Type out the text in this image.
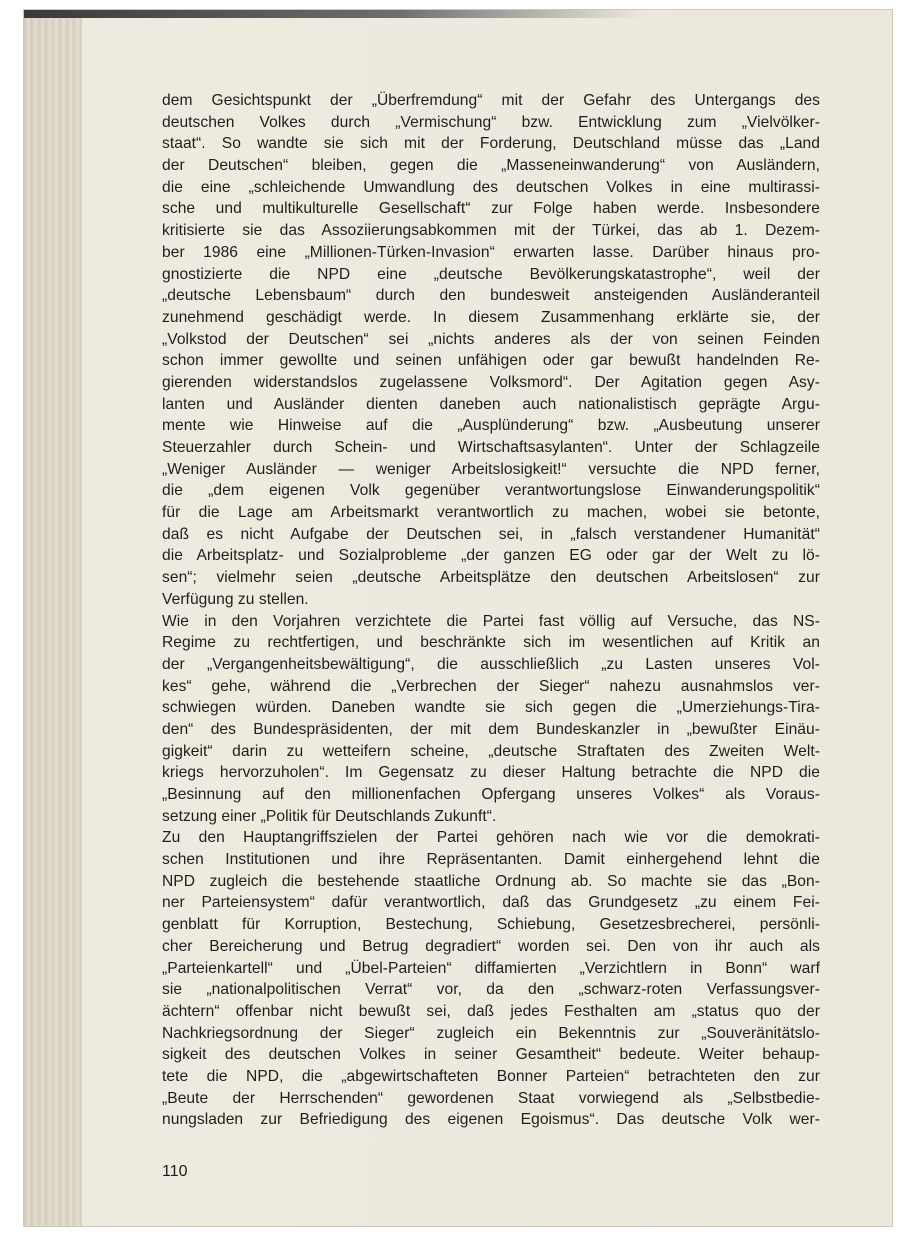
dem Gesichtspunkt der „Überfremdung“ mit der Gefahr des Untergangs des
deutschen Volkes durch „Vermischung“ bzw. Entwicklung zum „Vielvölker-
staat“. So wandte sie sich mit der Forderung, Deutschland müsse das „Land
der Deutschen“ bleiben, gegen die „Masseneinwanderung“ von Ausländern,
die eine „schleichende Umwandlung des deutschen Volkes in eine multirassi-
sche und multikulturelle Gesellschaft“ zur Folge haben werde. Insbesondere
kritisierte sie das Assoziierungsabkommen mit der Türkei, das ab 1. Dezem-
ber 1986 eine „Millionen-Türken-Invasion“ erwarten lasse. Darüber hinaus pro-
gnostizierte die NPD eine „deutsche Bevölkerungskatastrophe“, weil der
„deutsche Lebensbaum“ durch den bundesweit ansteigenden Ausländeranteil
zunehmend geschädigt werde. In diesem Zusammenhang erklärte sie, der
„Volkstod der Deutschen“ sei „nichts anderes als der von seinen Feinden
schon immer gewollte und seinen unfähigen oder gar bewußt handelnden Re-
gierenden widerstandslos zugelassene Volksmord“. Der Agitation gegen Asy-
lanten und Ausländer dienten daneben auch nationalistisch geprägte Argu-
mente wie Hinweise auf die „Ausplünderung“ bzw. „Ausbeutung unserer
Steuerzahler durch Schein- und Wirtschaftsasylanten“. Unter der Schlagzeile
„Weniger Ausländer — weniger Arbeitslosigkeit!“ versuchte die NPD ferner,
die „dem eigenen Volk gegenüber verantwortungslose Einwanderungspolitik“
für die Lage am Arbeitsmarkt verantwortlich zu machen, wobei sie betonte,
daß es nicht Aufgabe der Deutschen sei, in „falsch verstandener Humanität“
die Arbeitsplatz- und Sozialprobleme „der ganzen EG oder gar der Welt zu lö-
sen“; vielmehr seien „deutsche Arbeitsplätze den deutschen Arbeitslosen“ zur
Verfügung zu stellen.
Wie in den Vorjahren verzichtete die Partei fast völlig auf Versuche, das NS-
Regime zu rechtfertigen, und beschränkte sich im wesentlichen auf Kritik an
der „Vergangenheitsbewältigung“, die ausschließlich „zu Lasten unseres Vol-
kes“ gehe, während die „Verbrechen der Sieger“ nahezu ausnahmslos ver-
schwiegen würden. Daneben wandte sie sich gegen die „Umerziehungs-Tira-
den“ des Bundespräsidenten, der mit dem Bundeskanzler in „bewußter Einäu-
gigkeit“ darin zu wetteifern scheine, „deutsche Straftaten des Zweiten Welt-
kriegs hervorzuholen“. Im Gegensatz zu dieser Haltung betrachte die NPD die
„Besinnung auf den millionenfachen Opfergang unseres Volkes“ als Voraus-
setzung einer „Politik für Deutschlands Zukunft“.
Zu den Hauptangriffszielen der Partei gehören nach wie vor die demokrati-
schen Institutionen und ihre Repräsentanten. Damit einhergehend lehnt die
NPD zugleich die bestehende staatliche Ordnung ab. So machte sie das „Bon-
ner Parteiensystem“ dafür verantwortlich, daß das Grundgesetz „zu einem Fei-
genblatt für Korruption, Bestechung, Schiebung, Gesetzesbrecherei, persönli-
cher Bereicherung und Betrug degradiert“ worden sei. Den von ihr auch als
„Parteienkartell“ und „Übel-Parteien“ diffamierten „Verzichtlern in Bonn“ warf
sie „nationalpolitischen Verrat“ vor, da den „schwarz-roten Verfassungsver-
ächtern“ offenbar nicht bewußt sei, daß jedes Festhalten am „status quo der
Nachkriegsordnung der Sieger“ zugleich ein Bekenntnis zur „Souveränitätslo-
sigkeit des deutschen Volkes in seiner Gesamtheit“ bedeute. Weiter behaup-
tete die NPD, die „abgewirtschafteten Bonner Parteien“ betrachteten den zur
„Beute der Herrschenden“ gewordenen Staat vorwiegend als „Selbstbedie-
nungsladen zur Befriedigung des eigenen Egoismus“. Das deutsche Volk wer-
110
